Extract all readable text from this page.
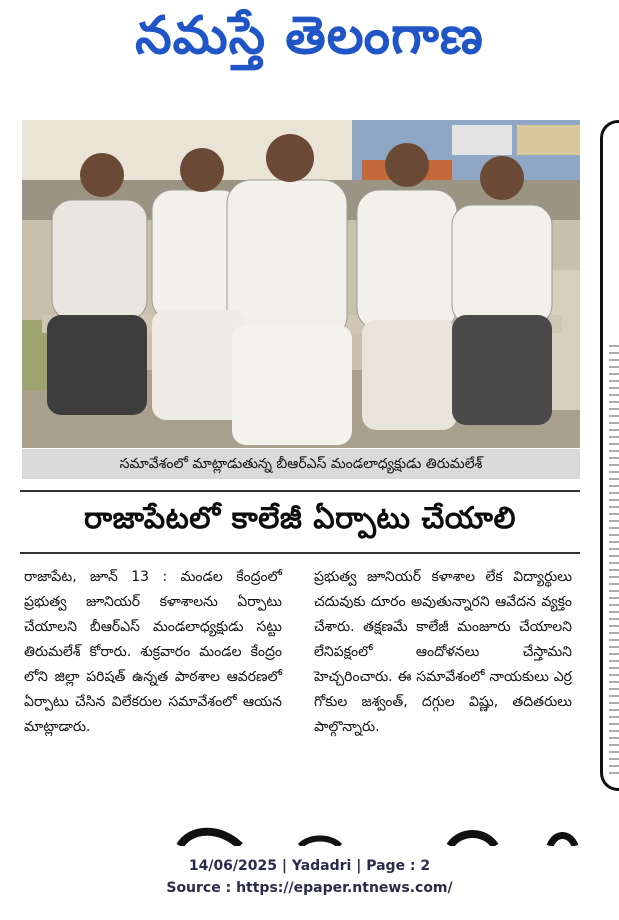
నమస్తే తెలంగాణ
సమావేశంలో మాట్లాడుతున్న బీఆర్ఎస్ మండలాధ్యక్షుడు తిరుమలేశ్
రాజాపేటలో కాలేజీ ఏర్పాటు చేయాలి

రాజాపేట, జూన్ 13 : మండల కేంద్రంలో ప్రభుత్వ జూనియర్ కళాశాలను ఏర్పాటు చేయాలని బీఆర్ఎస్ మండలాధ్యక్షుడు సట్టు తిరుమలేశ్ కోరారు. శుక్రవారం మండల కేంద్రం లోని జిల్లా పరిషత్ ఉన్నత పాఠశాల ఆవరణలో ఏర్పాటు చేసిన విలేకరుల సమావేశంలో ఆయన మాట్లాడారు.

ప్రభుత్వ జూనియర్ కళాశాల లేక విద్యార్థులు చదువుకు దూరం అవుతున్నారని ఆవేదన వ్యక్తం చేశారు. తక్షణమే కాలేజీ మంజూరు చేయాలని లేనిపక్షంలో ఆందోళనలు చేస్తామని హెచ్చరించారు. ఈ సమావేశంలో నాయకులు ఎర్ర గోకుల జశ్వంత్, దగ్గుల విష్ణు, తదితరులు పాల్గొన్నారు.

14/06/2025 | Yadadri | Page : 2
Source : https://epaper.ntnews.com/
